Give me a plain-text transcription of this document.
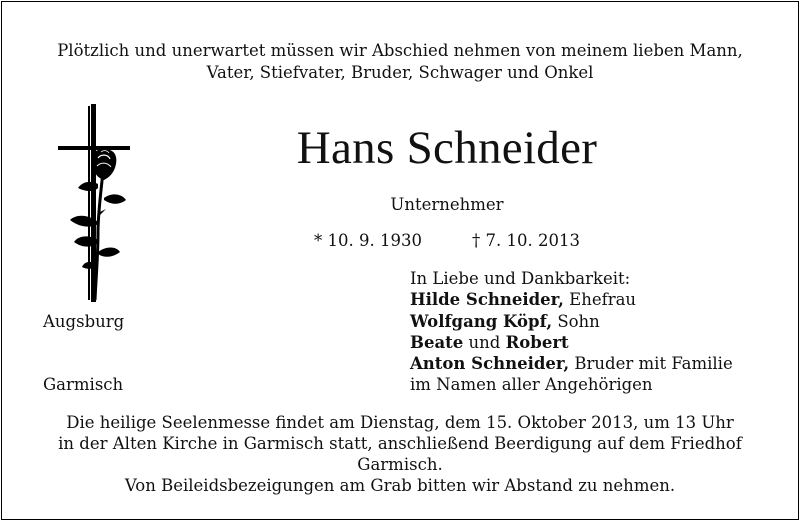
Plötzlich und unerwartet müssen wir Abschied nehmen von meinem lieben Mann,
Vater, Stiefvater, Bruder, Schwager und Onkel
Hans Schneider
Unternehmer
* 10. 9. 1930	† 7. 10. 2013
In Liebe und Dankbarkeit:
Hilde Schneider, Ehefrau
Augsburg	Wolfgang Köpf, Sohn
Beate und Robert
Anton Schneider, Bruder mit Familie
Garmisch	im Namen aller Angehörigen
Die heilige Seelenmesse findet am Dienstag, dem 15. Oktober 2013, um 13 Uhr
in der Alten Kirche in Garmisch statt, anschließend Beerdigung auf dem Friedhof
Garmisch.
Von Beileidsbezeigungen am Grab bitten wir Abstand zu nehmen.
